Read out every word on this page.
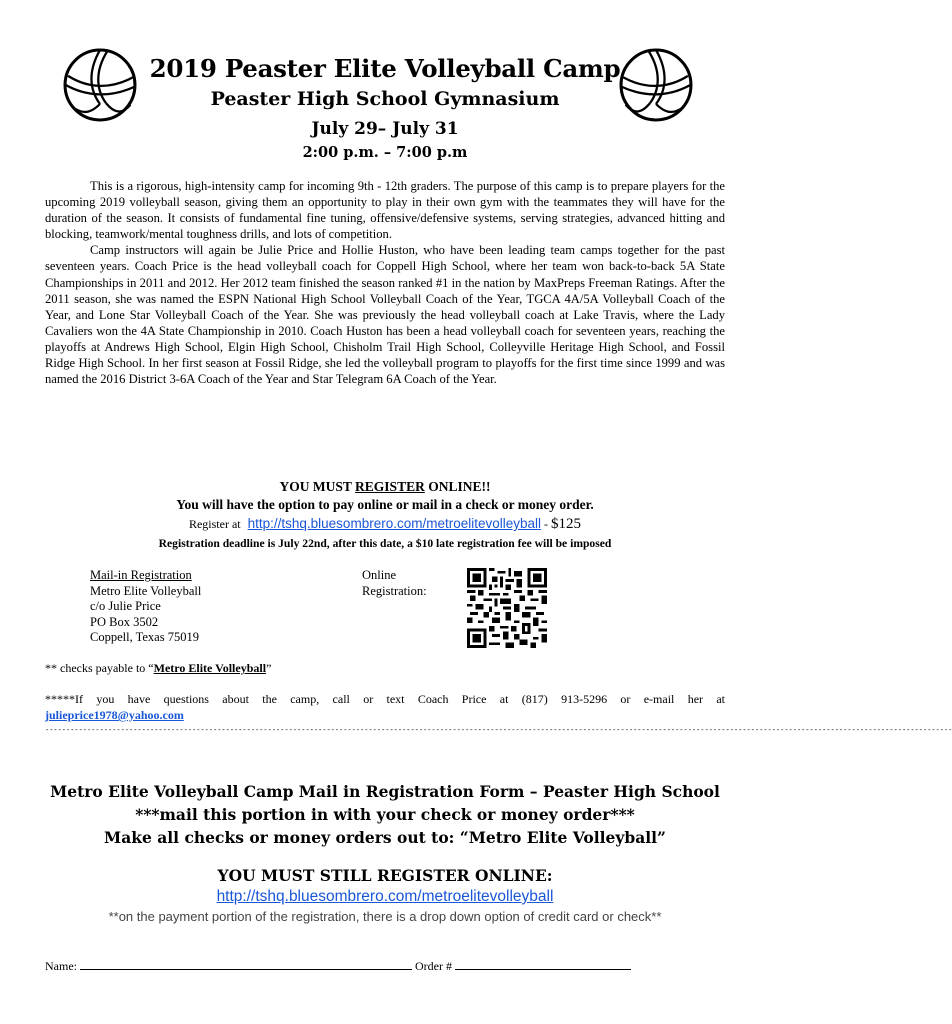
2019 Peaster Elite Volleyball Camp
Peaster High School Gymnasium
July 29– July 31
2:00 p.m. – 7:00 p.m

This is a rigorous, high-intensity camp for incoming 9th - 12th graders. The purpose of this camp is to prepare players for the upcoming 2019 volleyball season, giving them an opportunity to play in their own gym with the teammates they will have for the duration of the season. It consists of fundamental fine tuning, offensive/defensive systems, serving strategies, advanced hitting and blocking, teamwork/mental toughness drills, and lots of competition.

Camp instructors will again be Julie Price and Hollie Huston, who have been leading team camps together for the past seventeen years. Coach Price is the head volleyball coach for Coppell High School, where her team won back-to-back 5A State Championships in 2011 and 2012. Her 2012 team finished the season ranked #1 in the nation by MaxPreps Freeman Ratings. After the 2011 season, she was named the ESPN National High School Volleyball Coach of the Year, TGCA 4A/5A Volleyball Coach of the Year, and Lone Star Volleyball Coach of the Year. She was previously the head volleyball coach at Lake Travis, where the Lady Cavaliers won the 4A State Championship in 2010. Coach Huston has been a head volleyball coach for seventeen years, reaching the playoffs at Andrews High School, Elgin High School, Chisholm Trail High School, Colleyville Heritage High School, and Fossil Ridge High School. In her first season at Fossil Ridge, she led the volleyball program to playoffs for the first time since 1999 and was named the 2016 District 3-6A Coach of the Year and Star Telegram 6A Coach of the Year.

YOU MUST REGISTER ONLINE!!
You will have the option to pay online or mail in a check or money order.
Register at http://tshq.bluesombrero.com/metroelitevolleyball - $125
Registration deadline is July 22nd, after this date, a $10 late registration fee will be imposed
Mail-in Registration
Metro Elite Volleyball
c/o Julie Price
PO Box 3502
Coppell, Texas 75019
Online
Registration:
** checks payable to “Metro Elite Volleyball”
*****If you have questions about the camp, call or text Coach Price at (817) 913-5296 or e-mail her at
julieprice1978@yahoo.com
------------------------------------------------------------------------------------------------------------------------------------------------------------------------------------------------------------------------
Metro Elite Volleyball Camp Mail in Registration Form – Peaster High School
***mail this portion in with your check or money order***
Make all checks or money orders out to: “Metro Elite Volleyball”
YOU MUST STILL REGISTER ONLINE:
http://tshq.bluesombrero.com/metroelitevolleyball
**on the payment portion of the registration, there is a drop down option of credit card or check**
Name:	Order #
